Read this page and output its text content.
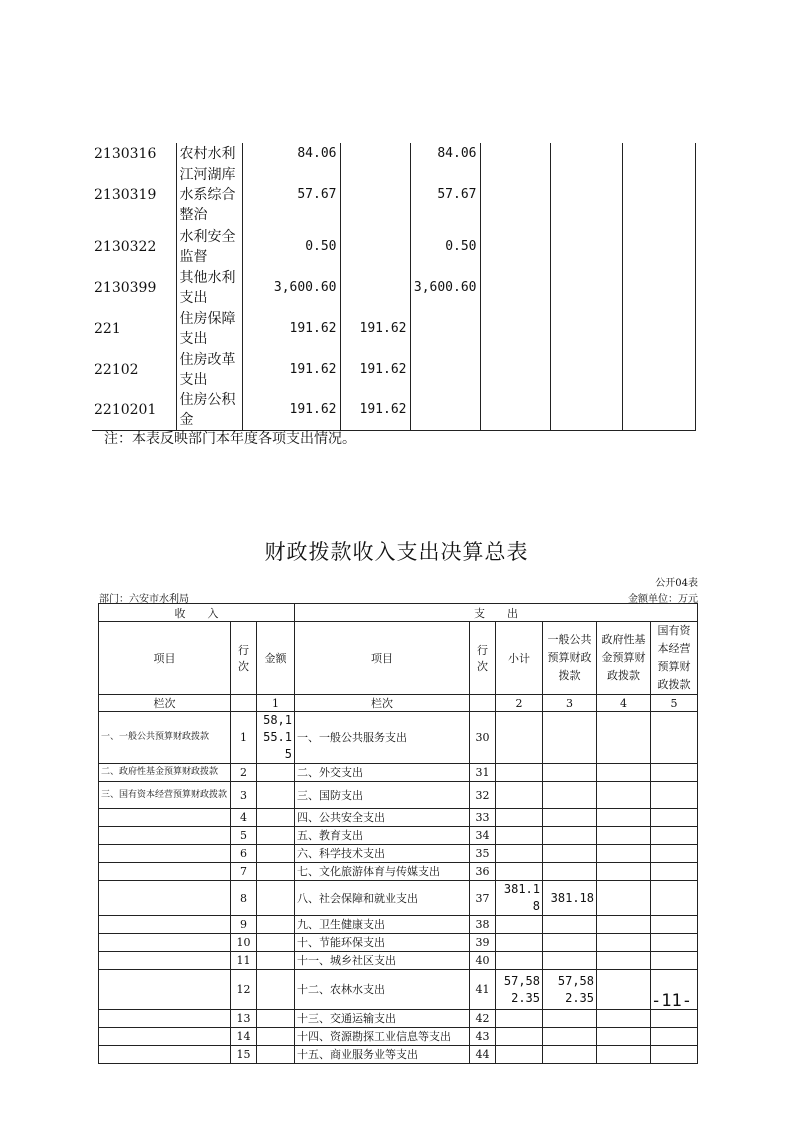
2130316	农村水利	84.06		84.06			
2130319	江河湖库水系综合整治	57.67		57.67			
2130322	水利安全监督	0.50		0.50			
2130399	其他水利支出	3,600.60		3,600.60			
221	住房保障支出	191.62	191.62				
22102	住房改革支出	191.62	191.62				
2210201	住房公积金	191.62	191.62				
注：本表反映部门本年度各项支出情况。
财政拨款收入支出决算总表
公开04表
部门：六安市水利局	金额单位：万元
收　　入			支　　出					
项目	行次	金额	项目	行次	小计	一般公共预算财政拨款	政府性基金预算财政拨款	国有资本经营预算财政拨款
栏次		1	栏次		2	3	4	5
一、一般公共预算财政拨款	1	58,155.15	一、一般公共服务支出	30				
二、政府性基金预算财政拨款	2		二、外交支出	31				
三、国有资本经营预算财政拨款	3		三、国防支出	32				
	4		四、公共安全支出	33				
	5		五、教育支出	34				
	6		六、科学技术支出	35				
	7		七、文化旅游体育与传媒支出	36				
	8		八、社会保障和就业支出	37	381.18	381.18		
	9		九、卫生健康支出	38				
	10		十、节能环保支出	39				
	11		十一、城乡社区支出	40				
	12		十二、农林水支出	41	57,582.35	57,582.35		
	13		十三、交通运输支出	42				
	14		十四、资源勘探工业信息等支出	43				
	15		十五、商业服务业等支出	44				
-11-
